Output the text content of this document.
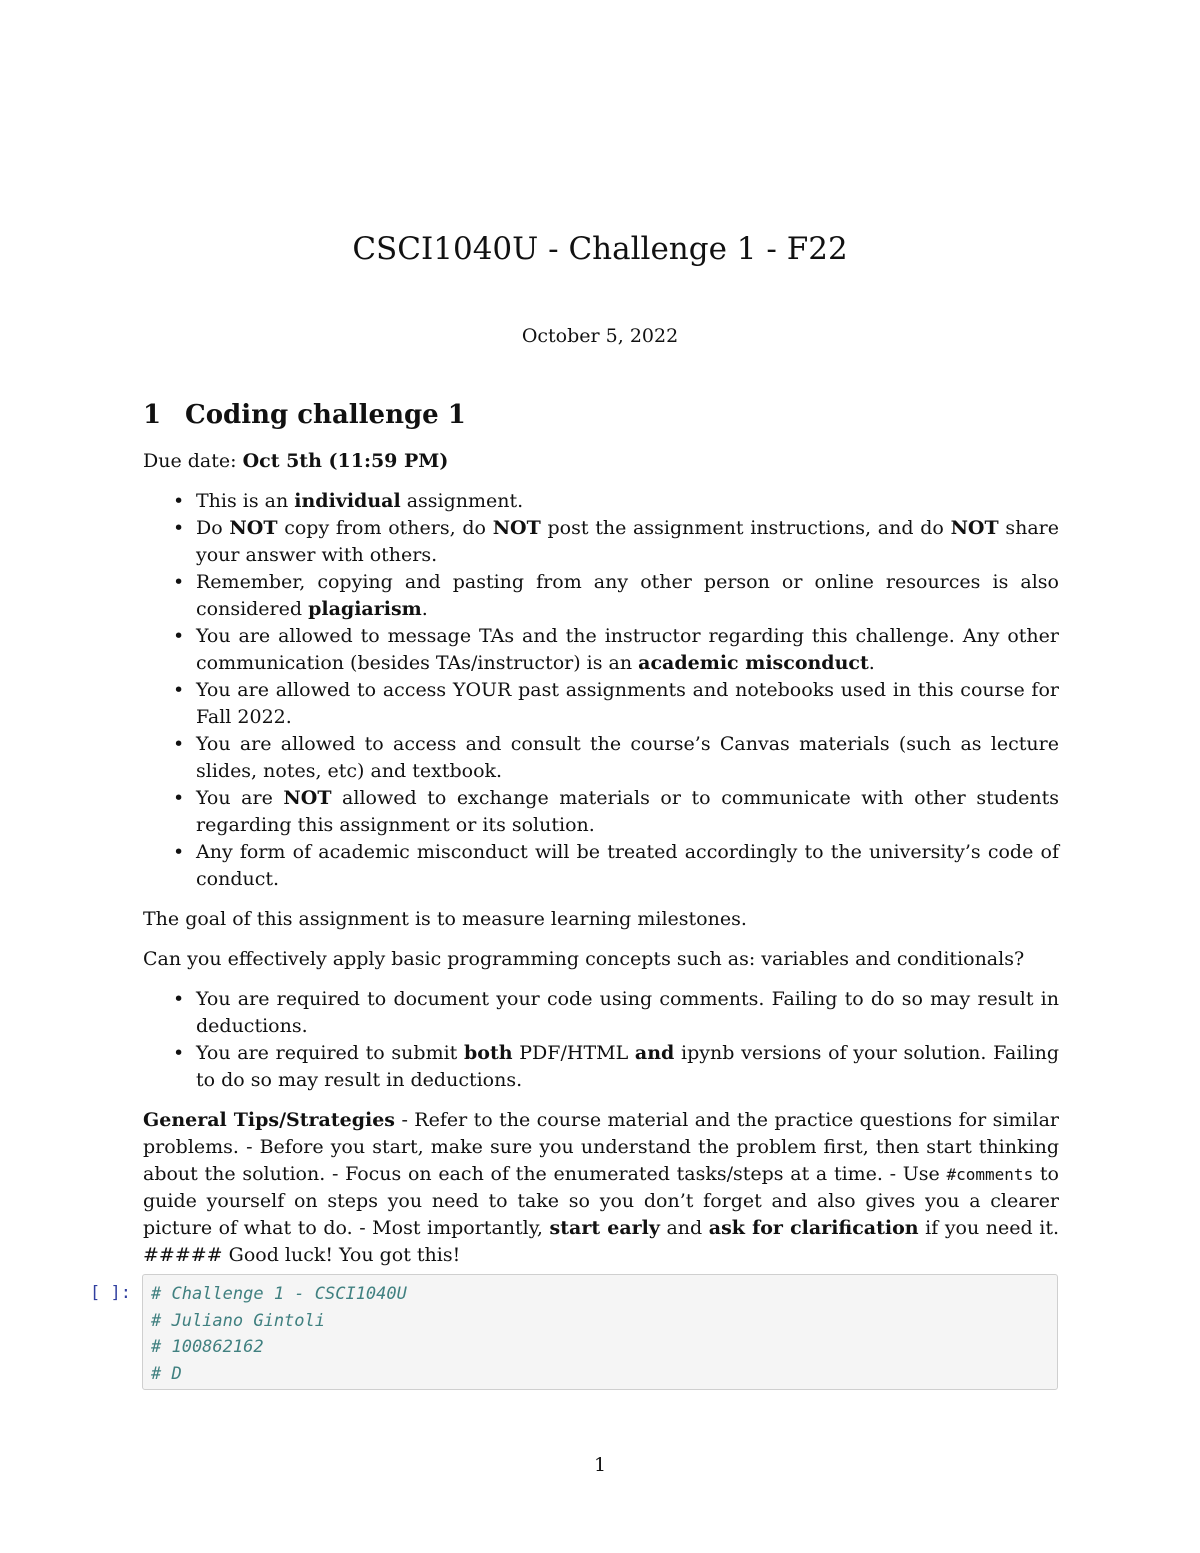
CSCI1040U - Challenge 1 - F22
October 5, 2022
1 Coding challenge 1

Due date: Oct 5th (11:59 PM)

• This is an individual assignment.
• Do NOT copy from others, do NOT post the assignment instructions, and do NOT share your answer with others.
• Remember, copying and pasting from any other person or online resources is also considered plagiarism.
• You are allowed to message TAs and the instructor regarding this challenge. Any other communication (besides TAs/instructor) is an academic misconduct.
• You are allowed to access YOUR past assignments and notebooks used in this course for Fall 2022.
• You are allowed to access and consult the course’s Canvas materials (such as lecture slides, notes, etc) and textbook.
• You are NOT allowed to exchange materials or to communicate with other students regarding this assignment or its solution.
• Any form of academic misconduct will be treated accordingly to the university’s code of conduct.

The goal of this assignment is to measure learning milestones.

Can you effectively apply basic programming concepts such as: variables and conditionals?

• You are required to document your code using comments. Failing to do so may result in deductions.
• You are required to submit both PDF/HTML and ipynb versions of your solution. Failing to do so may result in deductions.

General Tips/Strategies - Refer to the course material and the practice questions for similar problems. - Before you start, make sure you understand the problem first, then start thinking about the solution. - Focus on each of the enumerated tasks/steps at a time. - Use #comments to guide yourself on steps you need to take so you don’t forget and also gives you a clearer picture of what to do. - Most importantly, start early and ask for clarification if you need it. ##### Good luck! You got this!

[ ]: # Challenge 1 - CSCI1040U
# Juliano Gintoli
# 100862162
# D
1
